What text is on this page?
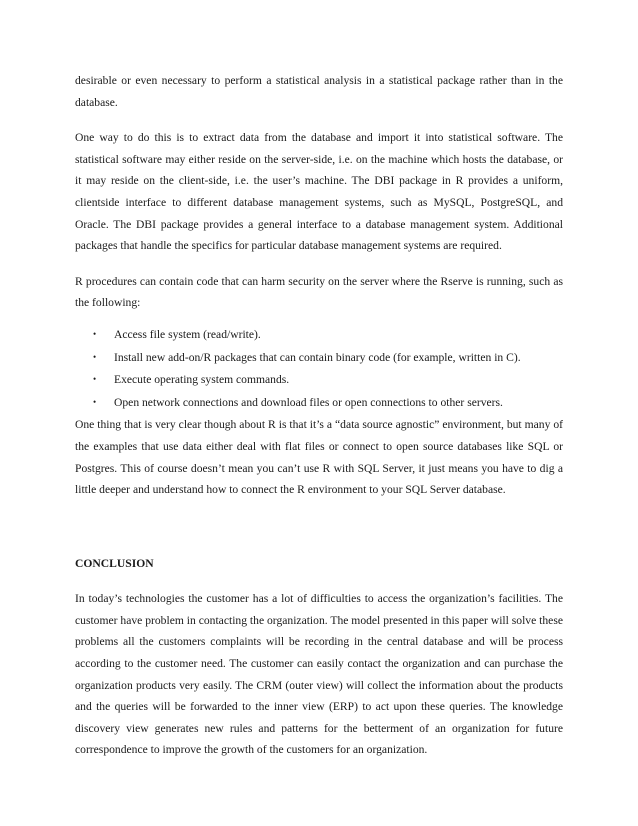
desirable or even necessary to perform a statistical analysis in a statistical package rather than in the database.

One way to do this is to extract data from the database and import it into statistical software. The statistical software may either reside on the server-side, i.e. on the machine which hosts the database, or it may reside on the client-side, i.e. the user’s machine. The DBI package in R provides a uniform, clientside interface to different database management systems, such as MySQL, PostgreSQL, and Oracle. The DBI package provides a general interface to a database management system. Additional packages that handle the specifics for particular database management systems are required.

R procedures can contain code that can harm security on the server where the Rserve is running, such as the following:

• Access file system (read/write).
• Install new add-on/R packages that can contain binary code (for example, written in C).
• Execute operating system commands.
• Open network connections and download files or open connections to other servers.

One thing that is very clear though about R is that it’s a “data source agnostic” environment, but many of the examples that use data either deal with flat files or connect to open source databases like SQL or Postgres. This of course doesn’t mean you can’t use R with SQL Server, it just means you have to dig a little deeper and understand how to connect the R environment to your SQL Server database.

CONCLUSION

In today’s technologies the customer has a lot of difficulties to access the organization’s facilities. The customer have problem in contacting the organization. The model presented in this paper will solve these problems all the customers complaints will be recording in the central database and will be process according to the customer need. The customer can easily contact the organization and can purchase the organization products very easily. The CRM (outer view) will collect the information about the products and the queries will be forwarded to the inner view (ERP) to act upon these queries. The knowledge discovery view generates new rules and patterns for the betterment of an organization for future correspondence to improve the growth of the customers for an organization.
